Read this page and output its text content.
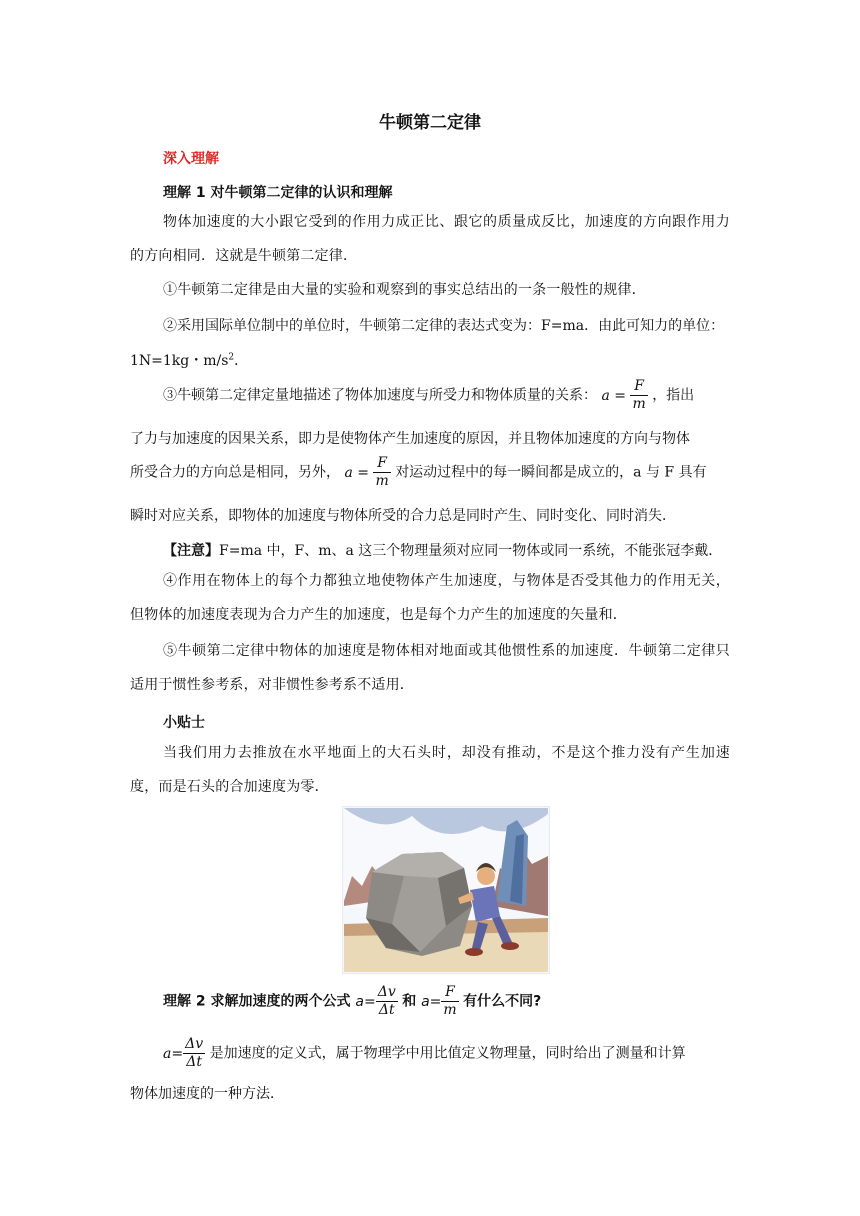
牛顿第二定律
深入理解
理解 1 对牛顿第二定律的认识和理解
物体加速度的大小跟它受到的作用力成正比、跟它的质量成反比，加速度的方向跟作用力的方向相同．这就是牛顿第二定律．
①牛顿第二定律是由大量的实验和观察到的事实总结出的一条一般性的规律．
②采用国际单位制中的单位时，牛顿第二定律的表达式变为：F=ma．由此可知力的单位：
1N=1kg・$m/s^2$．
③牛顿第二定律定量地描述了物体加速度与所受力和物体质量的关系： $a = \frac{F}{m}$ ，指出
了力与加速度的因果关系，即力是使物体产生加速度的原因，并且物体加速度的方向与物体
所受合力的方向总是相同，另外， $a = \frac{F}{m}$ 对运动过程中的每一瞬间都是成立的，a 与 F 具有
瞬时对应关系，即物体的加速度与物体所受的合力总是同时产生、同时变化、同时消失．
【注意】F=ma 中，F、m、a 这三个物理量须对应同一物体或同一系统，不能张冠李戴．
④作用在物体上的每个力都独立地使物体产生加速度，与物体是否受其他力的作用无关，但物体的加速度表现为合力产生的加速度，也是每个力产生的加速度的矢量和．
⑤牛顿第二定律中物体的加速度是物体相对地面或其他惯性系的加速度．牛顿第二定律只适用于惯性参考系，对非惯性参考系不适用．
小贴士
当我们用力去推放在水平地面上的大石头时，却没有推动，不是这个推力没有产生加速度，而是石头的合加速度为零．
理解 2 求解加速度的两个公式 $a= \frac{\Delta v}{\Delta t}$ 和 $a= \frac{F}{m}$ 有什么不同?
$a= \frac{\Delta v}{\Delta t}$ 是加速度的定义式，属于物理学中用比值定义物理量，同时给出了测量和计算
物体加速度的一种方法．
